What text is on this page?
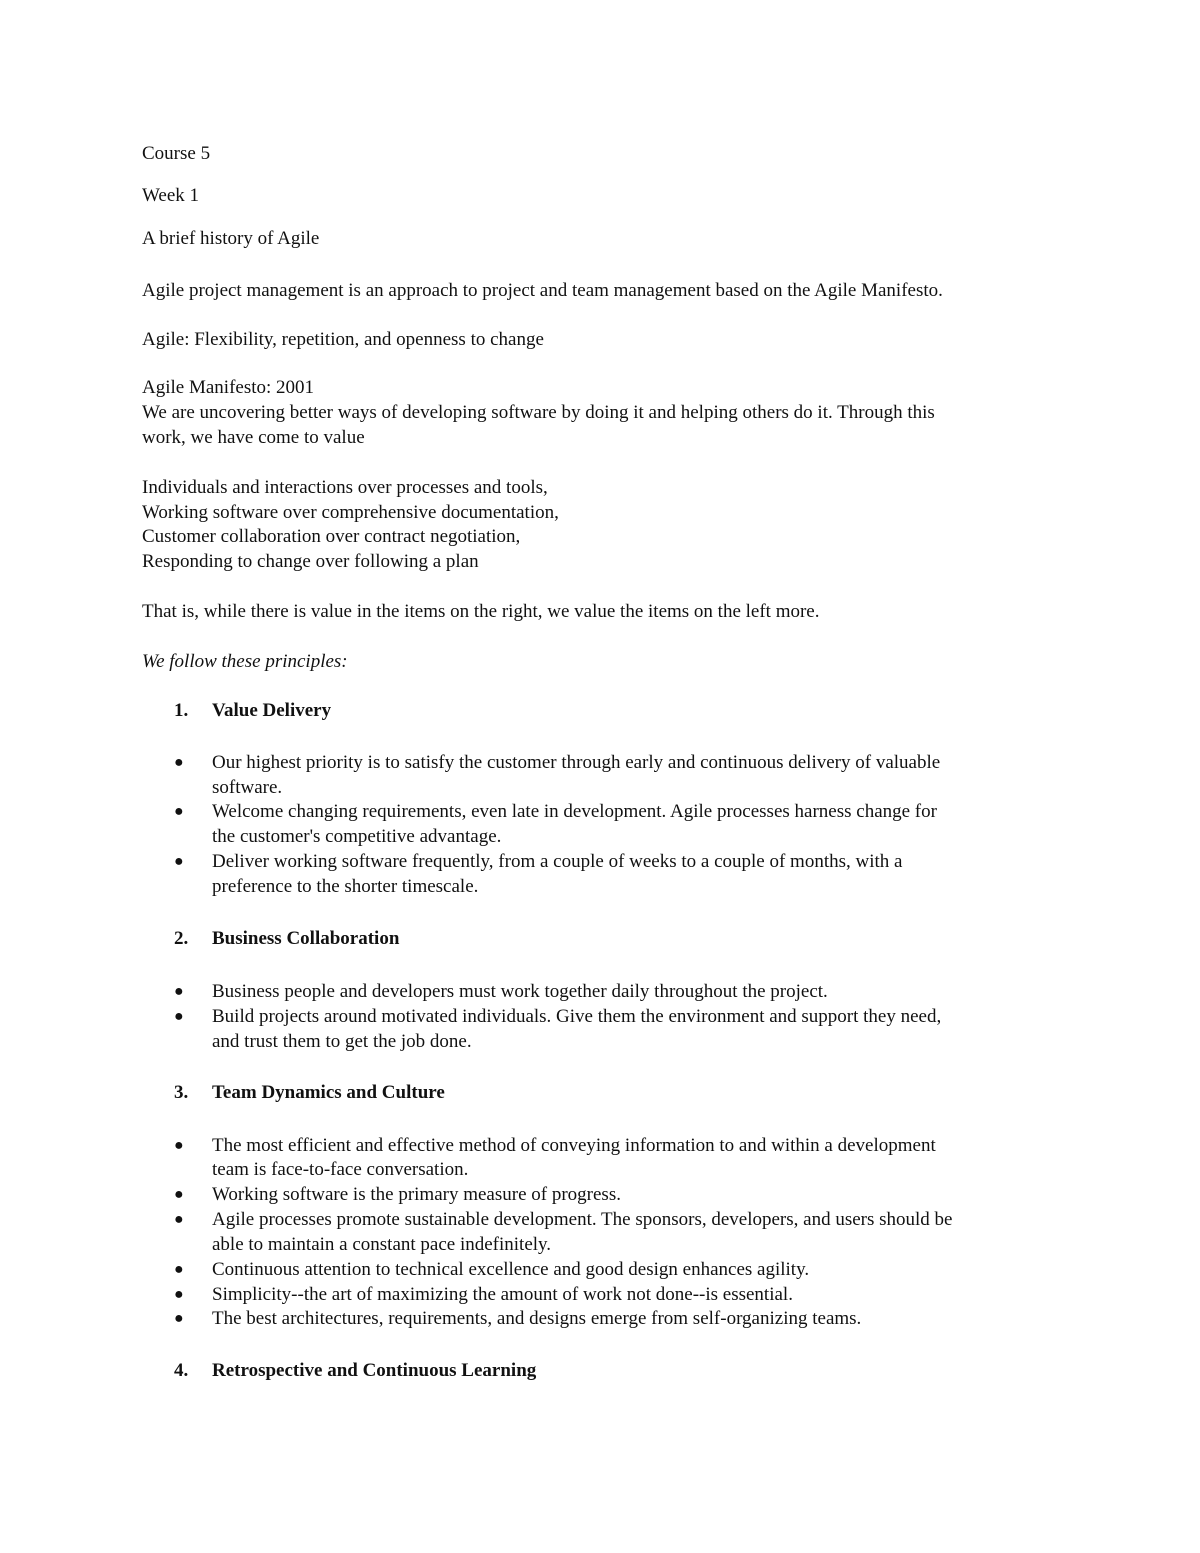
Course 5

Week 1

A brief history of Agile

Agile project management is an approach to project and team management based on the Agile Manifesto.

Agile: Flexibility, repetition, and openness to change

Agile Manifesto: 2001

We are uncovering better ways of developing software by doing it and helping others do it. Through this

work, we have come to value

Individuals and interactions over processes and tools,

Working software over comprehensive documentation,

Customer collaboration over contract negotiation,

Responding to change over following a plan

That is, while there is value in the items on the right, we value the items on the left more.

We follow these principles:

1. Value Delivery

● Our highest priority is to satisfy the customer through early and continuous delivery of valuable

software.

● Welcome changing requirements, even late in development. Agile processes harness change for

the customer's competitive advantage.

● Deliver working software frequently, from a couple of weeks to a couple of months, with a

preference to the shorter timescale.

2. Business Collaboration

● Business people and developers must work together daily throughout the project.

● Build projects around motivated individuals. Give them the environment and support they need,

and trust them to get the job done.

3. Team Dynamics and Culture

● The most efficient and effective method of conveying information to and within a development

team is face-to-face conversation.

● Working software is the primary measure of progress.

● Agile processes promote sustainable development. The sponsors, developers, and users should be

able to maintain a constant pace indefinitely.

● Continuous attention to technical excellence and good design enhances agility.

● Simplicity--the art of maximizing the amount of work not done--is essential.

● The best architectures, requirements, and designs emerge from self-organizing teams.

4. Retrospective and Continuous Learning
